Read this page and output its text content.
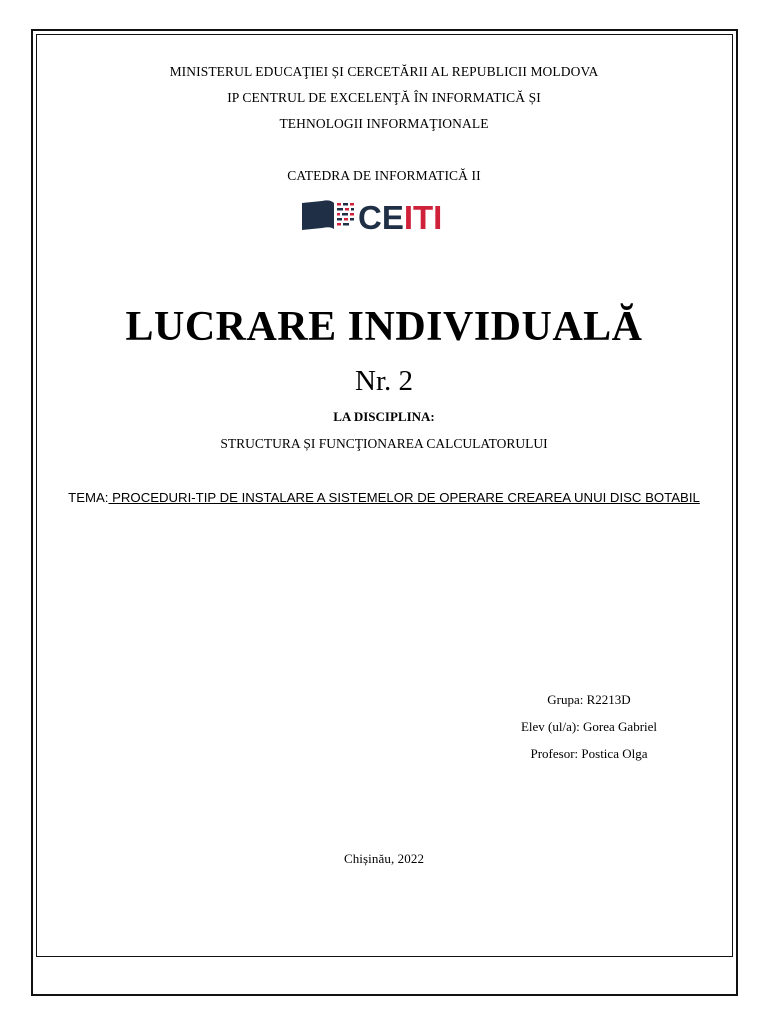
MINISTERUL EDUCAŢIEI ȘI CERCETĂRII AL REPUBLICII MOLDOVA
IP CENTRUL DE EXCELENŢĂ ÎN INFORMATICĂ ȘI
TEHNOLOGII INFORMAŢIONALE
CATEDRA DE INFORMATICĂ II
CEITI
LUCRARE INDIVIDUALĂ
Nr. 2
LA DISCIPLINA:
STRUCTURA ȘI FUNCŢIONAREA CALCULATORULUI
TEMA: PROCEDURI-TIP DE INSTALARE A SISTEMELOR DE OPERARE CREAREA UNUI DISC BOTABIL
Grupa: R2213D
Elev (ul/a): Gorea Gabriel
Profesor: Postica Olga
Chișinău, 2022
